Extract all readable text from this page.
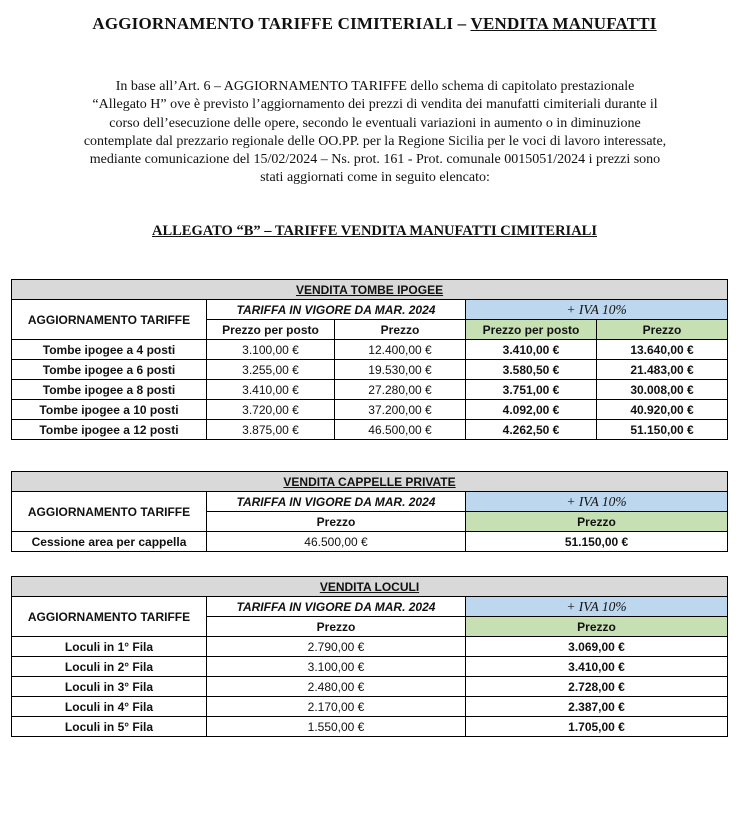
AGGIORNAMENTO TARIFFE CIMITERIALI – VENDITA MANUFATTI
In base all’Art. 6 – AGGIORNAMENTO TARIFFE dello schema di capitolato prestazionale
“Allegato H” ove è previsto l’aggiornamento dei prezzi di vendita dei manufatti cimiteriali durante il
corso dell’esecuzione delle opere, secondo le eventuali variazioni in aumento o in diminuzione
contemplate dal prezzario regionale delle OO.PP. per la Regione Sicilia per le voci di lavoro interessate,
mediante comunicazione del 15/02/2024 – Ns. prot. 161 - Prot. comunale 0015051/2024 i prezzi sono
stati aggiornati come in seguito elencato:
ALLEGATO “B” – TARIFFE VENDITA MANUFATTI CIMITERIALI
VENDITA TOMBE IPOGEE				
AGGIORNAMENTO TARIFFE	TARIFFA IN VIGORE DA MAR. 2024		+ IVA 10%	
	Prezzo per posto	Prezzo	Prezzo per posto	Prezzo
Tombe ipogee a 4 posti	3.100,00 €	12.400,00 €	3.410,00 €	13.640,00 €
Tombe ipogee a 6 posti	3.255,00 €	19.530,00 €	3.580,50 €	21.483,00 €
Tombe ipogee a 8 posti	3.410,00 €	27.280,00 €	3.751,00 €	30.008,00 €
Tombe ipogee a 10 posti	3.720,00 €	37.200,00 €	4.092,00 €	40.920,00 €
Tombe ipogee a 12 posti	3.875,00 €	46.500,00 €	4.262,50 €	51.150,00 €
VENDITA CAPPELLE PRIVATE		
AGGIORNAMENTO TARIFFE	TARIFFA IN VIGORE DA MAR. 2024	+ IVA 10%
	Prezzo	Prezzo
Cessione area per cappella	46.500,00 €	51.150,00 €
VENDITA LOCULI		
AGGIORNAMENTO TARIFFE	TARIFFA IN VIGORE DA MAR. 2024	+ IVA 10%
	Prezzo	Prezzo
Loculi in 1° Fila	2.790,00 €	3.069,00 €
Loculi in 2° Fila	3.100,00 €	3.410,00 €
Loculi in 3° Fila	2.480,00 €	2.728,00 €
Loculi in 4° Fila	2.170,00 €	2.387,00 €
Loculi in 5° Fila	1.550,00 €	1.705,00 €
